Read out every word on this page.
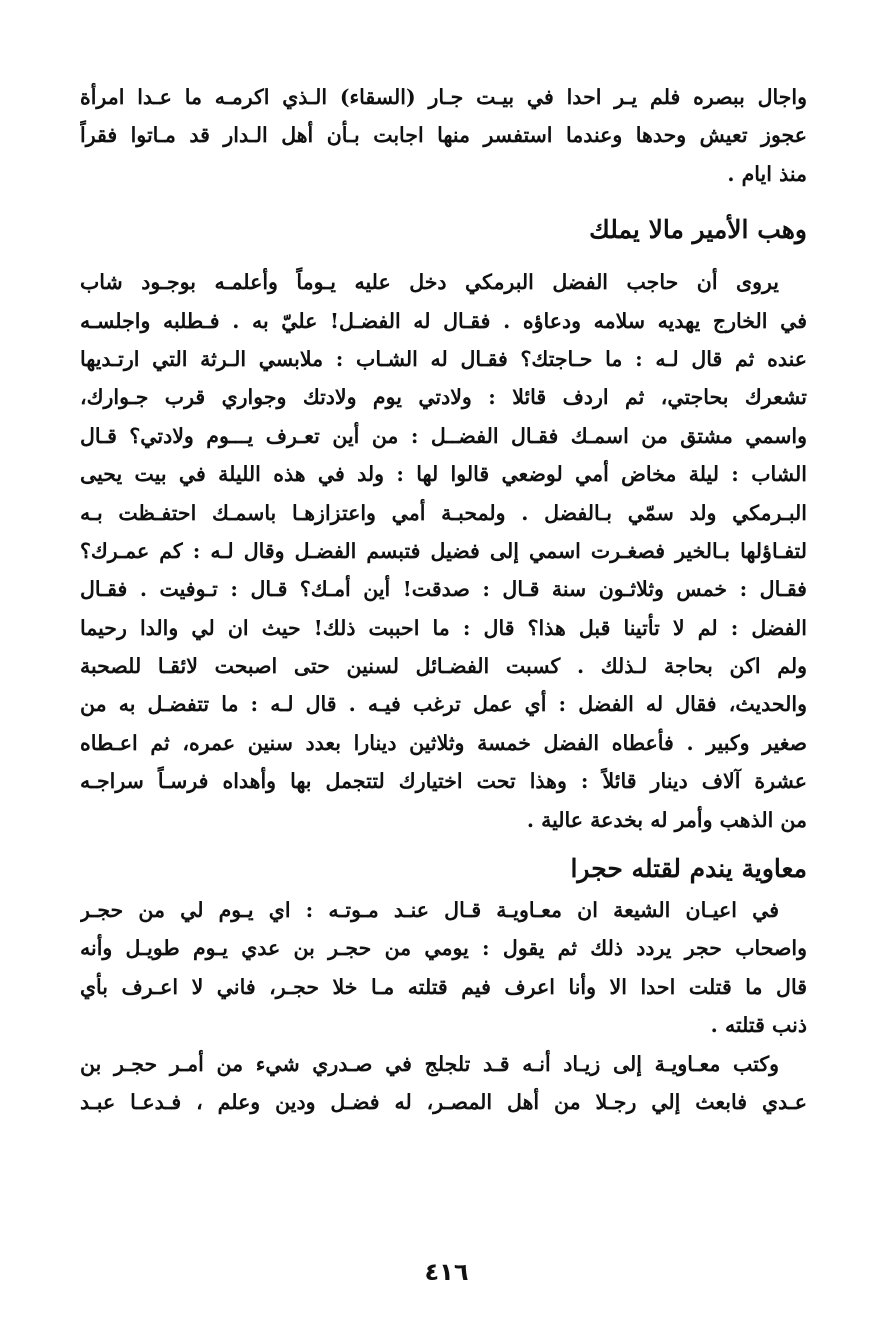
واجال ببصره فلم يـر احدا في بيـت جـار (السقاء) الـذي اكرمـه ما عـدا امرأة
عجوز تعيش وحدها وعندما استفسر منها اجابت بـأن أهل الـدار قد مـاتوا فقراً
منذ ايام .
وهب الأمير مالا يملك
يروى أن حاجب الفضل البرمكي دخل عليه يـوماً وأعلمـه بوجـود شاب
في الخارج يهديه سلامه ودعاؤه . فقـال له الفضـل! عليّ به . فـطلبه واجلسـه
عنده ثم قال لـه : ما حـاجتك؟ فقـال له الشـاب : ملابسي الـرثة التي ارتـديها
تشعرك بحاجتي، ثم اردف قائلا : ولادتي يوم ولادتك وجواري قرب جـوارك،
واسمي مشتق من اسمـك فقـال الفضــل : من أين تعـرف يـــوم ولادتي؟ قـال
الشاب : ليلة مخاض أمي لوضعي قالوا لها : ولد في هذه الليلة في بيت يحيى
البـرمكي ولد سمّي بـالفضل . ولمحبـة أمي واعتزازهـا باسمـك احتفـظت بـه
لتفـاؤلها بـالخير فصغـرت اسمي إلى فضيل فتبسم الفضـل وقال لـه : كم عمـرك؟
فقـال : خمس وثلاثـون سنة قـال : صدقت! أين أمـك؟ قـال : تـوفيت . فقـال
الفضل : لم لا تأتينا قبل هذا؟ قال : ما احببت ذلك! حيث ان لي والدا رحيما
ولم اكن بحاجة لـذلك . كسبت الفضـائل لسنين حتى اصبحت لائقـا للصحبة
والحديث، فقال له الفضل : أي عمل ترغب فيـه . قال لـه : ما تتفضـل به من
صغير وكبير . فأعطاه الفضل خمسة وثلاثين دينارا بعدد سنين عمره، ثم اعـطاه
عشرة آلاف دينار قائلاً : وهذا تحت اختيارك لتتجمل بها وأهداه فرسـاً سراجـه
من الذهب وأمر له بخدعة عالية .
معاوية يندم لقتله حجرا
في اعيـان الشيعة ان معـاويـة قـال عنـد مـوتـه : اي يـوم لي من حجـر
واصحاب حجر يردد ذلك ثم يقول : يومي من حجـر بن عدي يـوم طويـل وأنه
قال ما قتلت احدا الا وأنا اعرف فيم قتلته مـا خلا حجـر، فاني لا اعـرف بأي
ذنب قتلته .
وكتب معـاويـة إلى زيـاد أنـه قـد تلجلج في صـدري شيء من أمـر حجـر بن
عـدي فابعث إلي رجـلا من أهل المصـر، له فضـل ودين وعلم ، فـدعـا عبـد
٤١٦
